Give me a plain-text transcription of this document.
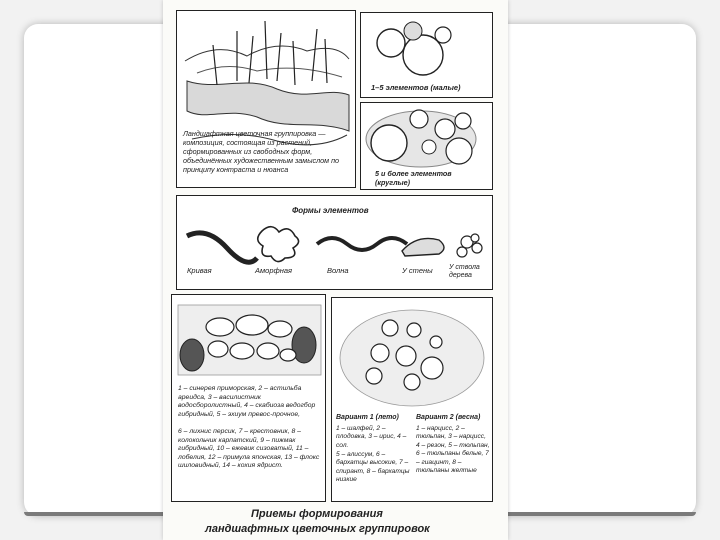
Ландшафтная цветочная группировка — композиция, состоящая из растений, сформированных из свободных форм, объединённых художественным замыслом по принципу контраста и нюанса
1–5 элементов (малые)
5 и более элементов (круглые)
Формы элементов
Кривая	Аморфная	Волна	У стены У ствола дерева
1 – синерея приморская, 2 – астильба ареидса, 3 – василистник водосбоpолистный, 4 – скабиоза ведогбор гибридный, 5 – эхиум пpевос-прочное,
6 – лихнис персик, 7 – крестовник, 8 – колокольчик карпатский, 9 – пижмак гибридный, 10 – ежевик сизоватый, 11 – лобелия, 12 – примула японская, 13 – флокс шиловидный, 14 – кохия ядрист.
Вариант 1 (лето) Вариант 2 (весна)
1 – шалфей, 2 – плодовка, 3 – ирис, 4 – сол.
5 – алиссум, 6 – бархатцы высокие, 7 – спирант, 8 – бархатцы низкие
1 – нарцисс, 2 – тюльпан, 3 – нарцисс, 4 – резон, 5 – тюльпан, 6 – тюльпаны белые, 7 – гиацинт, 8 – тюльпаны желтые
Приемы формирования
ландшафтных цветочных группировок
